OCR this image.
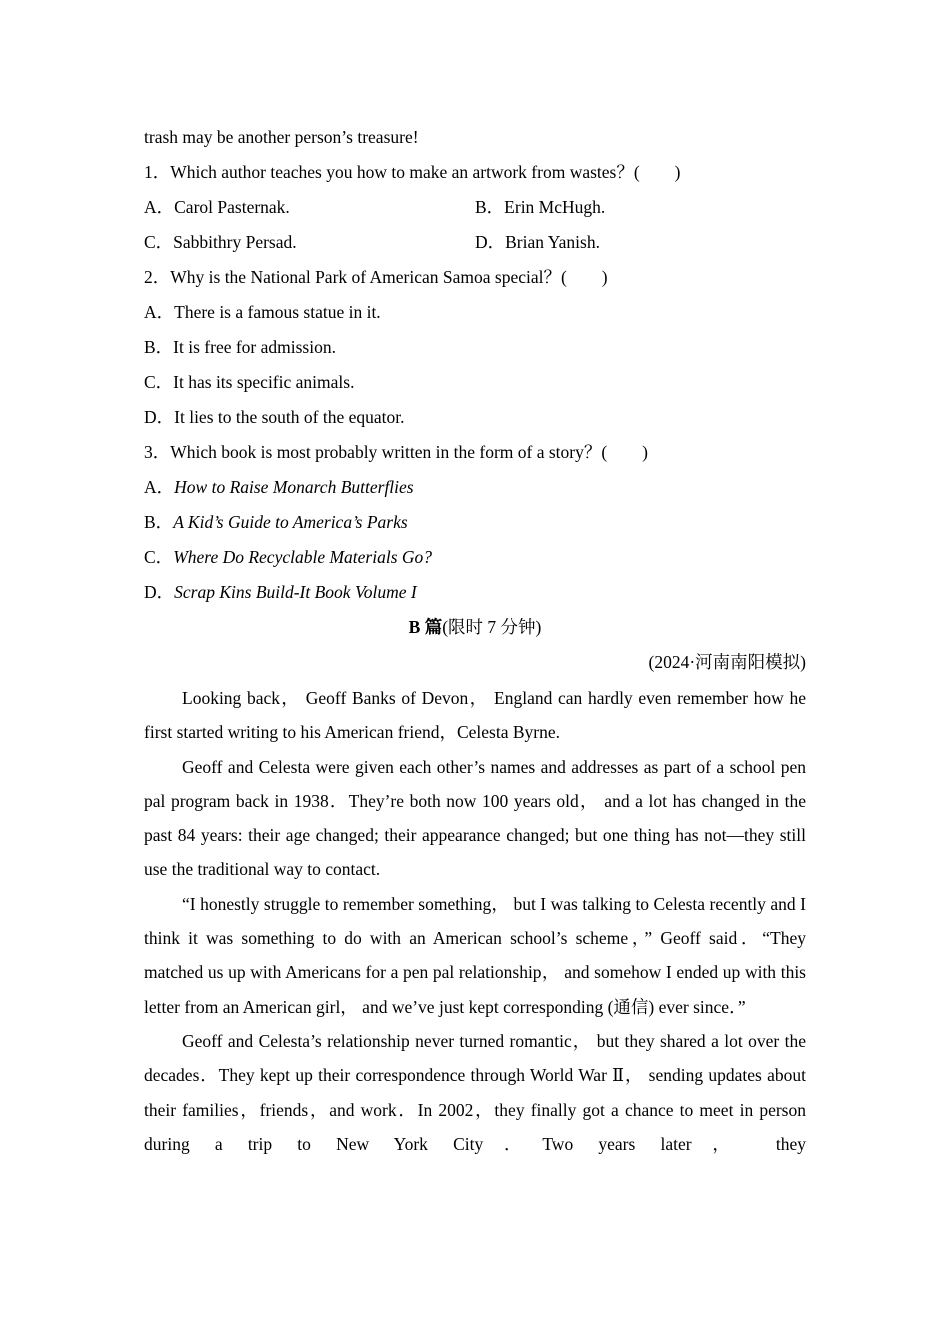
trash may be another person’s treasure!
1．Which author teaches you how to make an artwork from wastes？(　　)
A．Carol Pasternak.	B．Erin McHugh.
C．Sabbithry Persad.	D．Brian Yanish.
2．Why is the National Park of American Samoa special？(　　)
A．There is a famous statue in it.
B．It is free for admission.
C．It has its specific animals.
D．It lies to the south of the equator.
3．Which book is most probably written in the form of a story？(　　)
A．How to Raise Monarch Butterflies
B．A Kid’s Guide to America’s Parks
C．Where Do Recyclable Materials Go?
D．Scrap Kins Build-It Book Volume I
B 篇(限时 7 分钟)
(2024·河南南阳模拟)

Looking back， Geoff Banks of Devon， England can hardly even remember how he first started writing to his American friend，Celesta Byrne.

Geoff and Celesta were given each other’s names and addresses as part of a school pen pal program back in 1938．They’re both now 100 years old， and a lot has changed in the past 84 years: their age changed; their appearance changed; but one thing has not—they still use the traditional way to contact.

“I honestly struggle to remember something， but I was talking to Celesta recently and I think it was something to do with an American school’s scheme，” Geoff said．“They matched us up with Americans for a pen pal relationship， and somehow I ended up with this letter from an American girl， and we’ve just kept corresponding (通信) ever since．”

Geoff and Celesta’s relationship never turned romantic， but they shared a lot over the decades．They kept up their correspondence through World War Ⅱ， sending updates about their families，friends，and work．In 2002，they finally got a chance to meet in person during a trip to New York City．Two years later， they
